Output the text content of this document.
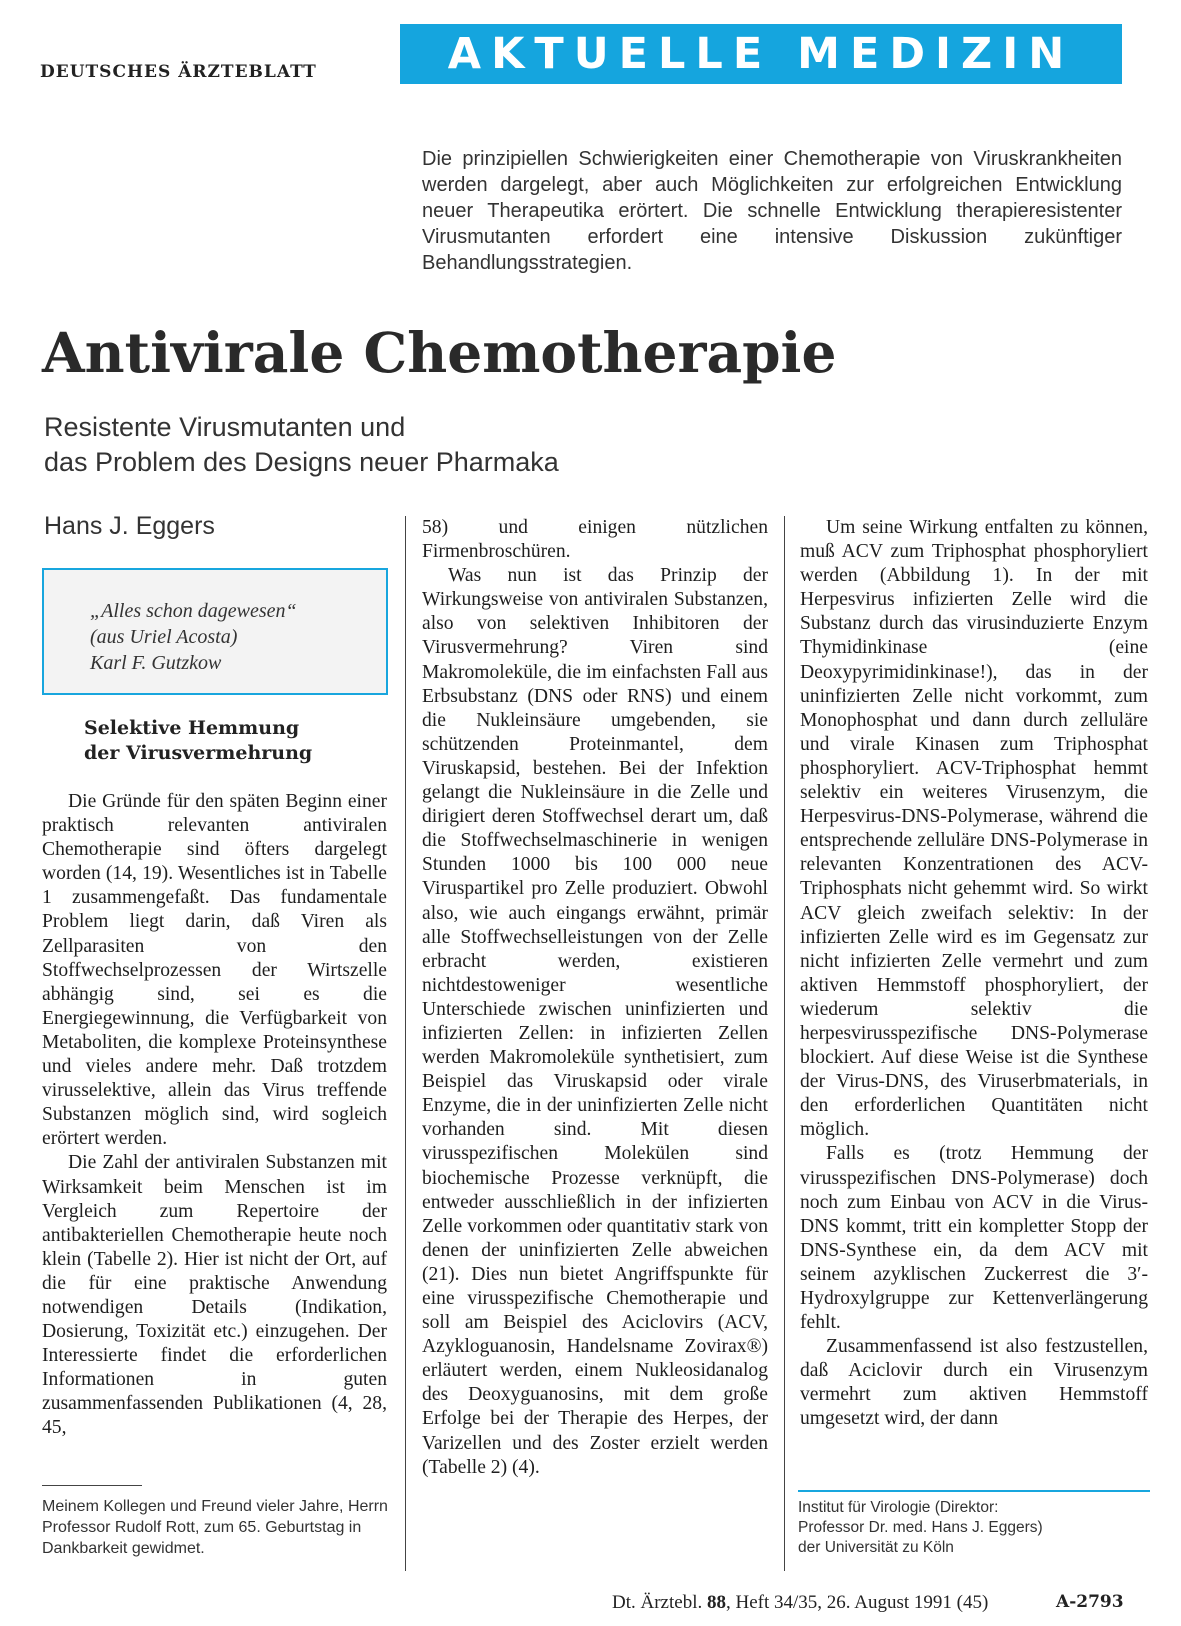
DEUTSCHES ÄRZTEBLATT	AKTUELLE MEDIZIN
Die prinzipiellen Schwierigkeiten einer Chemotherapie von Viruskrankheiten werden dargelegt, aber auch Möglichkeiten zur erfolgreichen Entwicklung neuer Therapeutika erörtert. Die schnelle Entwicklung therapieresistenter Virusmutanten erfordert eine intensive Diskussion zukünftiger Behandlungsstrategien.
Antivirale Chemotherapie
Resistente Virusmutanten und
das Problem des Designs neuer Pharmaka
Hans J. Eggers
„Alles schon dagewesen“
(aus Uriel Acosta)
Karl F. Gutzkow
Selektive Hemmung
der Virusvermehrung

Die Gründe für den späten Beginn einer praktisch relevanten antiviralen Chemotherapie sind öfters dargelegt worden (14, 19). Wesentliches ist in Tabelle 1 zusammengefaßt. Das fundamentale Problem liegt darin, daß Viren als Zellparasiten von den Stoffwechselprozessen der Wirtszelle abhängig sind, sei es die Energiegewinnung, die Verfügbarkeit von Metaboliten, die komplexe Proteinsynthese und vieles andere mehr. Daß trotzdem virusselektive, allein das Virus treffende Substanzen möglich sind, wird sogleich erörtert werden.

Die Zahl der antiviralen Substanzen mit Wirksamkeit beim Menschen ist im Vergleich zum Repertoire der antibakteriellen Chemotherapie heute noch klein (Tabelle 2). Hier ist nicht der Ort, auf die für eine praktische Anwendung notwendigen Details (Indikation, Dosierung, Toxizität etc.) einzugehen. Der Interessierte findet die erforderlichen Informationen in guten zusammenfassenden Publikationen (4, 28, 45,

58) und einigen nützlichen Firmenbroschüren.

Was nun ist das Prinzip der Wirkungsweise von antiviralen Substanzen, also von selektiven Inhibitoren der Virusvermehrung? Viren sind Makromoleküle, die im einfachsten Fall aus Erbsubstanz (DNS oder RNS) und einem die Nukleinsäure umgebenden, sie schützenden Proteinmantel, dem Viruskapsid, bestehen. Bei der Infektion gelangt die Nukleinsäure in die Zelle und dirigiert deren Stoffwechsel derart um, daß die Stoffwechselmaschinerie in wenigen Stunden 1000 bis 100 000 neue Viruspartikel pro Zelle produziert. Obwohl also, wie auch eingangs erwähnt, primär alle Stoffwechselleistungen von der Zelle erbracht werden, existieren nichtdestoweniger wesentliche Unterschiede zwischen uninfizierten und infizierten Zellen: in infizierten Zellen werden Makromoleküle synthetisiert, zum Beispiel das Viruskapsid oder virale Enzyme, die in der uninfizierten Zelle nicht vorhanden sind. Mit diesen virusspezifischen Molekülen sind biochemische Prozesse verknüpft, die entweder ausschließlich in der infizierten Zelle vorkommen oder quantitativ stark von denen der uninfizierten Zelle abweichen (21). Dies nun bietet Angriffspunkte für eine virusspezifische Chemotherapie und soll am Beispiel des Aciclovirs (ACV, Azykloguanosin, Handelsname Zovirax®) erläutert werden, einem Nukleosidanalog des Deoxyguanosins, mit dem große Erfolge bei der Therapie des Herpes, der Varizellen und des Zoster erzielt werden (Tabelle 2) (4).

Um seine Wirkung entfalten zu können, muß ACV zum Triphosphat phosphoryliert werden (Abbildung 1). In der mit Herpesvirus infizierten Zelle wird die Substanz durch das virusinduzierte Enzym Thymidinkinase (eine Deoxypyrimidinkinase!), das in der uninfizierten Zelle nicht vorkommt, zum Monophosphat und dann durch zelluläre und virale Kinasen zum Triphosphat phosphoryliert. ACV-Triphosphat hemmt selektiv ein weiteres Virusenzym, die Herpesvirus-DNS-Polymerase, während die entsprechende zelluläre DNS-Polymerase in relevanten Konzentrationen des ACV-Triphosphats nicht gehemmt wird. So wirkt ACV gleich zweifach selektiv: In der infizierten Zelle wird es im Gegensatz zur nicht infizierten Zelle vermehrt und zum aktiven Hemmstoff phosphoryliert, der wiederum selektiv die herpesvirusspezifische DNS-Polymerase blockiert. Auf diese Weise ist die Synthese der Virus-DNS, des Viruserbmaterials, in den erforderlichen Quantitäten nicht möglich.

Falls es (trotz Hemmung der virusspezifischen DNS-Polymerase) doch noch zum Einbau von ACV in die Virus-DNS kommt, tritt ein kompletter Stopp der DNS-Synthese ein, da dem ACV mit seinem azyklischen Zuckerrest die 3′-Hydroxylgruppe zur Kettenverlängerung fehlt.

Zusammenfassend ist also festzustellen, daß Aciclovir durch ein Virusenzym vermehrt zum aktiven Hemmstoff umgesetzt wird, der dann

Meinem Kollegen und Freund vieler Jahre, Herrn Professor Rudolf Rott, zum 65. Geburtstag in Dankbarkeit gewidmet.
Institut für Virologie (Direktor:
Professor Dr. med. Hans J. Eggers)
der Universität zu Köln
Dt. Ärztebl. 88, Heft 34/35, 26. August 1991 (45)	A-2793
